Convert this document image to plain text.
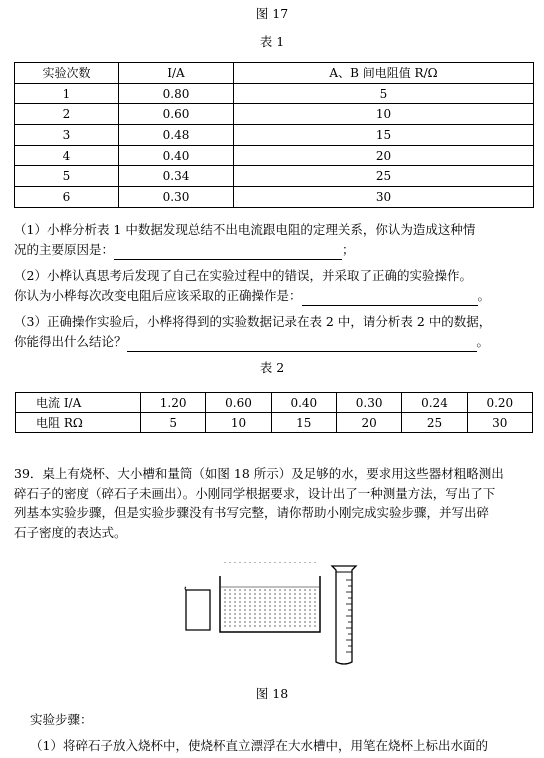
图 17
表 1
实验次数	I/A	A、B 间电阻值 R/Ω
1	0.80	5
2	0.60	10
3	0.48	15
4	0.40	20
5	0.34	25
6	0.30	30
（1）小桦分析表 1 中数据发现总结不出电流跟电阻的定理关系，你认为造成这种情
况的主要原因是：	；
（2）小桦认真思考后发现了自己在实验过程中的错误，并采取了正确的实验操作。
你认为小桦每次改变电阻后应该采取的正确操作是：	。
（3）正确操作实验后，小桦将得到的实验数据记录在表 2 中，请分析表 2 中的数据，
你能得出什么结论？	。
表 2
电流 I/A	1.20	0.60	0.40	0.30	0.24	0.20
电阻 RΩ	5	10	15	20	25	30
39．桌上有烧杯、大小槽和量筒（如图 18 所示）及足够的水，要求用这些器材粗略测出
碎石子的密度（碎石子未画出）。小刚同学根据要求，设计出了一种测量方法，写出了下
列基本实验步骤，但是实验步骤没有书写完整，请你帮助小刚完成实验步骤，并写出碎
石子密度的表达式。
图 18
实验步骤：
（1）将碎石子放入烧杯中，使烧杯直立漂浮在大水槽中，用笔在烧杯上标出水面的
